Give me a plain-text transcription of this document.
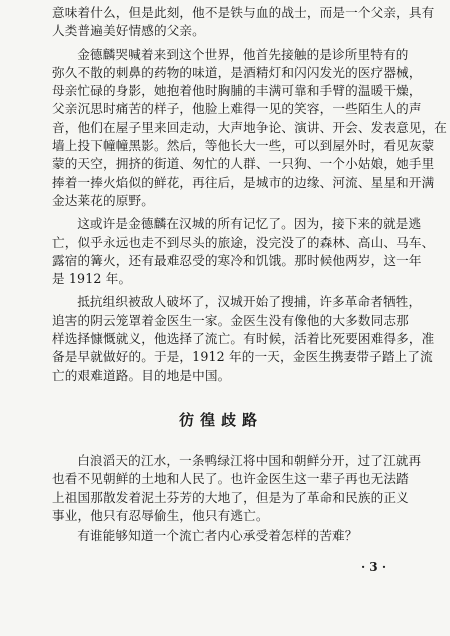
意味着什么，但是此刻，他不是铁与血的战士，而是一个父亲，具有

人类普遍美好情感的父亲。

金德麟哭喊着来到这个世界，他首先接触的是诊所里特有的

弥久不散的刺鼻的药物的味道，是酒精灯和闪闪发光的医疗器械，

母亲忙碌的身影，她抱着他时胸脯的丰满可靠和手臂的温暖干燥，

父亲沉思时痛苦的样子，他脸上难得一见的笑容，一些陌生人的声

音，他们在屋子里来回走动，大声地争论、演讲、开会、发表意见，在

墙上投下幢幢黑影。然后，等他长大一些，可以到屋外时，看见灰蒙

蒙的天空，拥挤的街道、匆忙的人群、一只狗、一个小姑娘，她手里

捧着一捧火焰似的鲜花，再往后，是城市的边缘、河流、星星和开满

金达莱花的原野。

这或许是金德麟在汉城的所有记忆了。因为，接下来的就是逃

亡，似乎永远也走不到尽头的旅途，没完没了的森林、高山、马车、

露宿的篝火，还有最难忍受的寒冷和饥饿。那时候他两岁，这一年

是 1912 年。

抵抗组织被敌人破坏了，汉城开始了搜捕，许多革命者牺牲，

追害的阴云笼罩着金医生一家。金医生没有像他的大多数同志那

样选择慷慨就义，他选择了流亡。有时候，活着比死要困难得多，准

备是早就做好的。于是，1912 年的一天，金医生携妻带子踏上了流

亡的艰难道路。目的地是中国。

彷徨歧路

白浪滔天的江水，一条鸭绿江将中国和朝鲜分开，过了江就再

也看不见朝鲜的土地和人民了。也许金医生这一辈子再也无法踏

上祖国那散发着泥土芬芳的大地了，但是为了革命和民族的正义

事业，他只有忍辱偷生，他只有逃亡。

有谁能够知道一个流亡者内心承受着怎样的苦难？

· 3 ·
